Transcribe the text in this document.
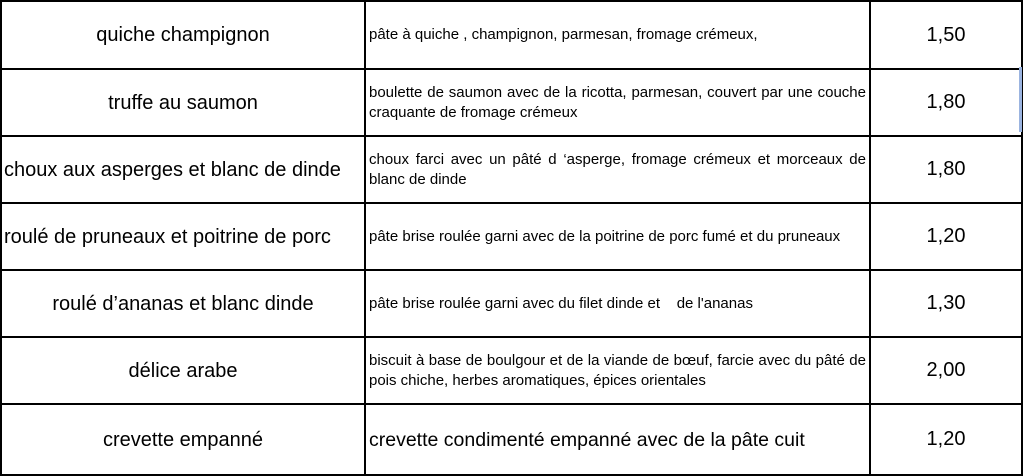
quiche champignon	pâte à quiche , champignon, parmesan, fromage crémeux,	1,50
truffe au saumon	boulette de saumon avec de la ricotta, parmesan, couvert par une couche craquante de fromage crémeux	1,80
choux aux asperges et blanc de dinde	choux farci avec un pâté d ‘asperge, fromage crémeux et morceaux de blanc de dinde	1,80
roulé de pruneaux et poitrine de porc	pâte brise roulée garni avec de la poitrine de porc fumé et du pruneaux	1,20
roulé d’ananas et blanc dinde	pâte brise roulée garni avec du filet dinde et    de l'ananas	1,30
délice arabe	biscuit à base de boulgour et de la viande de bœuf, farcie avec du pâté de pois chiche, herbes aromatiques, épices orientales	2,00
crevette empanné	crevette condimenté empanné avec de la pâte cuit	1,20
